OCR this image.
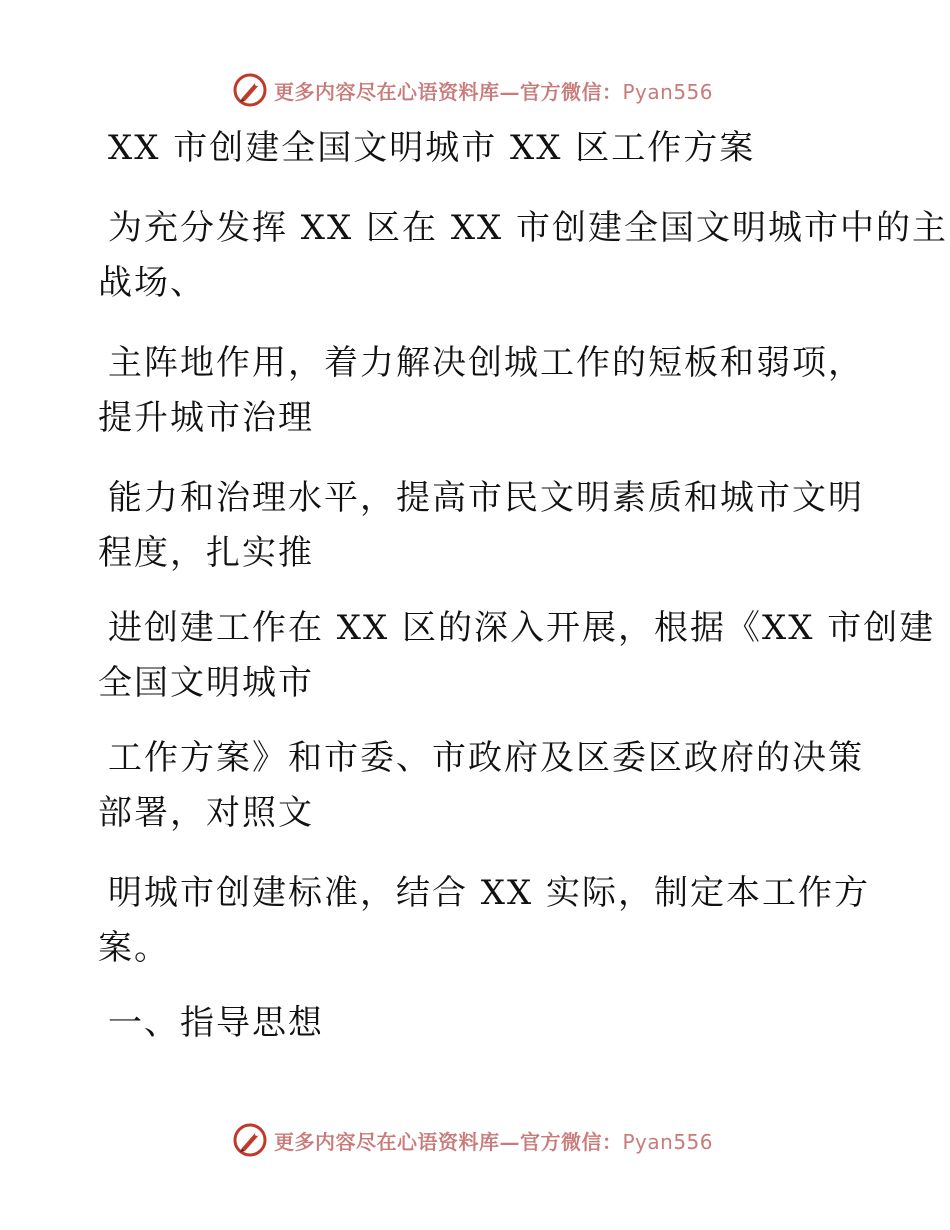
更多内容尽在心语资料库—官方微信：Pyan556
XX 市创建全国文明城市 XX 区工作方案
为充分发挥 XX 区在 XX 市创建全国文明城市中的主
战场、
主阵地作用，着力解决创城工作的短板和弱项，
提升城市治理
能力和治理水平，提高市民文明素质和城市文明
程度，扎实推
进创建工作在 XX 区的深入开展，根据《XX 市创建
全国文明城市
工作方案》和市委、市政府及区委区政府的决策
部署，对照文
明城市创建标准，结合 XX 实际，制定本工作方
案。
一、指导思想
更多内容尽在心语资料库—官方微信：Pyan556
